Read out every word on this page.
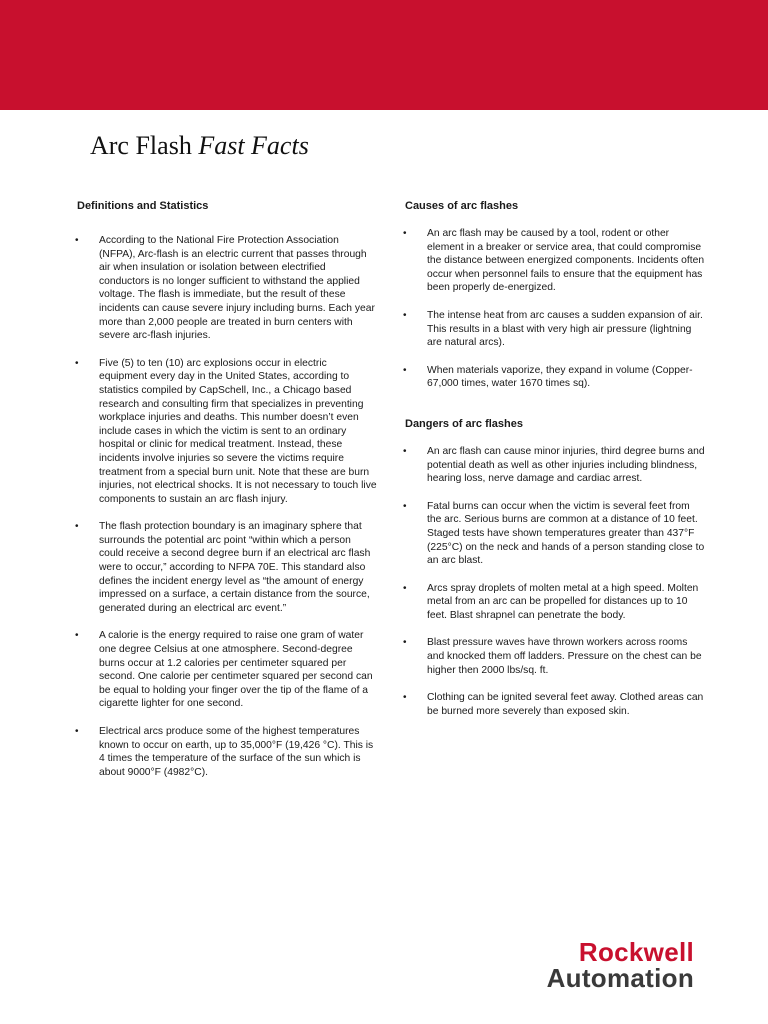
Arc Flash Fast Facts

Definitions and Statistics

• According to the National Fire Protection Association (NFPA), Arc-flash is an electric current that passes through air when insulation or isolation between electrified conductors is no longer sufficient to withstand the applied voltage. The flash is immediate, but the result of these incidents can cause severe injury including burns. Each year more than 2,000 people are treated in burn centers with severe arc-flash injuries.
• Five (5) to ten (10) arc explosions occur in electric equipment every day in the United States, according to statistics compiled by CapSchell, Inc., a Chicago based research and consulting firm that specializes in preventing workplace injuries and deaths. This number doesn’t even include cases in which the victim is sent to an ordinary hospital or clinic for medical treatment. Instead, these incidents involve injuries so severe the victims require treatment from a special burn unit. Note that these are burn injuries, not electrical shocks. It is not necessary to touch live components to sustain an arc flash injury.
• The flash protection boundary is an imaginary sphere that surrounds the potential arc point “within which a person could receive a second degree burn if an electrical arc flash were to occur,” according to NFPA 70E. This standard also defines the incident energy level as “the amount of energy impressed on a surface, a certain distance from the source, generated during an electrical arc event.”
• A calorie is the energy required to raise one gram of water one degree Celsius at one atmosphere. Second-degree burns occur at 1.2 calories per centimeter squared per second. One calorie per centimeter squared per second can be equal to holding your finger over the tip of the flame of a cigarette lighter for one second.
• Electrical arcs produce some of the highest temperatures known to occur on earth, up to 35,000°F (19,426 °C). This is 4 times the temperature of the surface of the sun which is about 9000°F (4982°C).

Causes of arc flashes

• An arc flash may be caused by a tool, rodent or other element in a breaker or service area, that could compromise the distance between energized components. Incidents often occur when personnel fails to ensure that the equipment has been properly de-energized.
• The intense heat from arc causes a sudden expansion of air. This results in a blast with very high air pressure (lightning are natural arcs).
• When materials vaporize, they expand in volume (Copper-67,000 times, water 1670 times sq).

Dangers of arc flashes

• An arc flash can cause minor injuries, third degree burns and potential death as well as other injuries including blindness, hearing loss, nerve damage and cardiac arrest.
• Fatal burns can occur when the victim is several feet from the arc. Serious burns are common at a distance of 10 feet. Staged tests have shown temperatures greater than 437°F (225°C) on the neck and hands of a person standing close to an arc blast.
• Arcs spray droplets of molten metal at a high speed. Molten metal from an arc can be propelled for distances up to 10 feet. Blast shrapnel can penetrate the body.
• Blast pressure waves have thrown workers across rooms and knocked them off ladders. Pressure on the chest can be higher then 2000 lbs/sq. ft.
• Clothing can be ignited several feet away. Clothed areas can be burned more severely than exposed skin.
Rockwell
Automation
